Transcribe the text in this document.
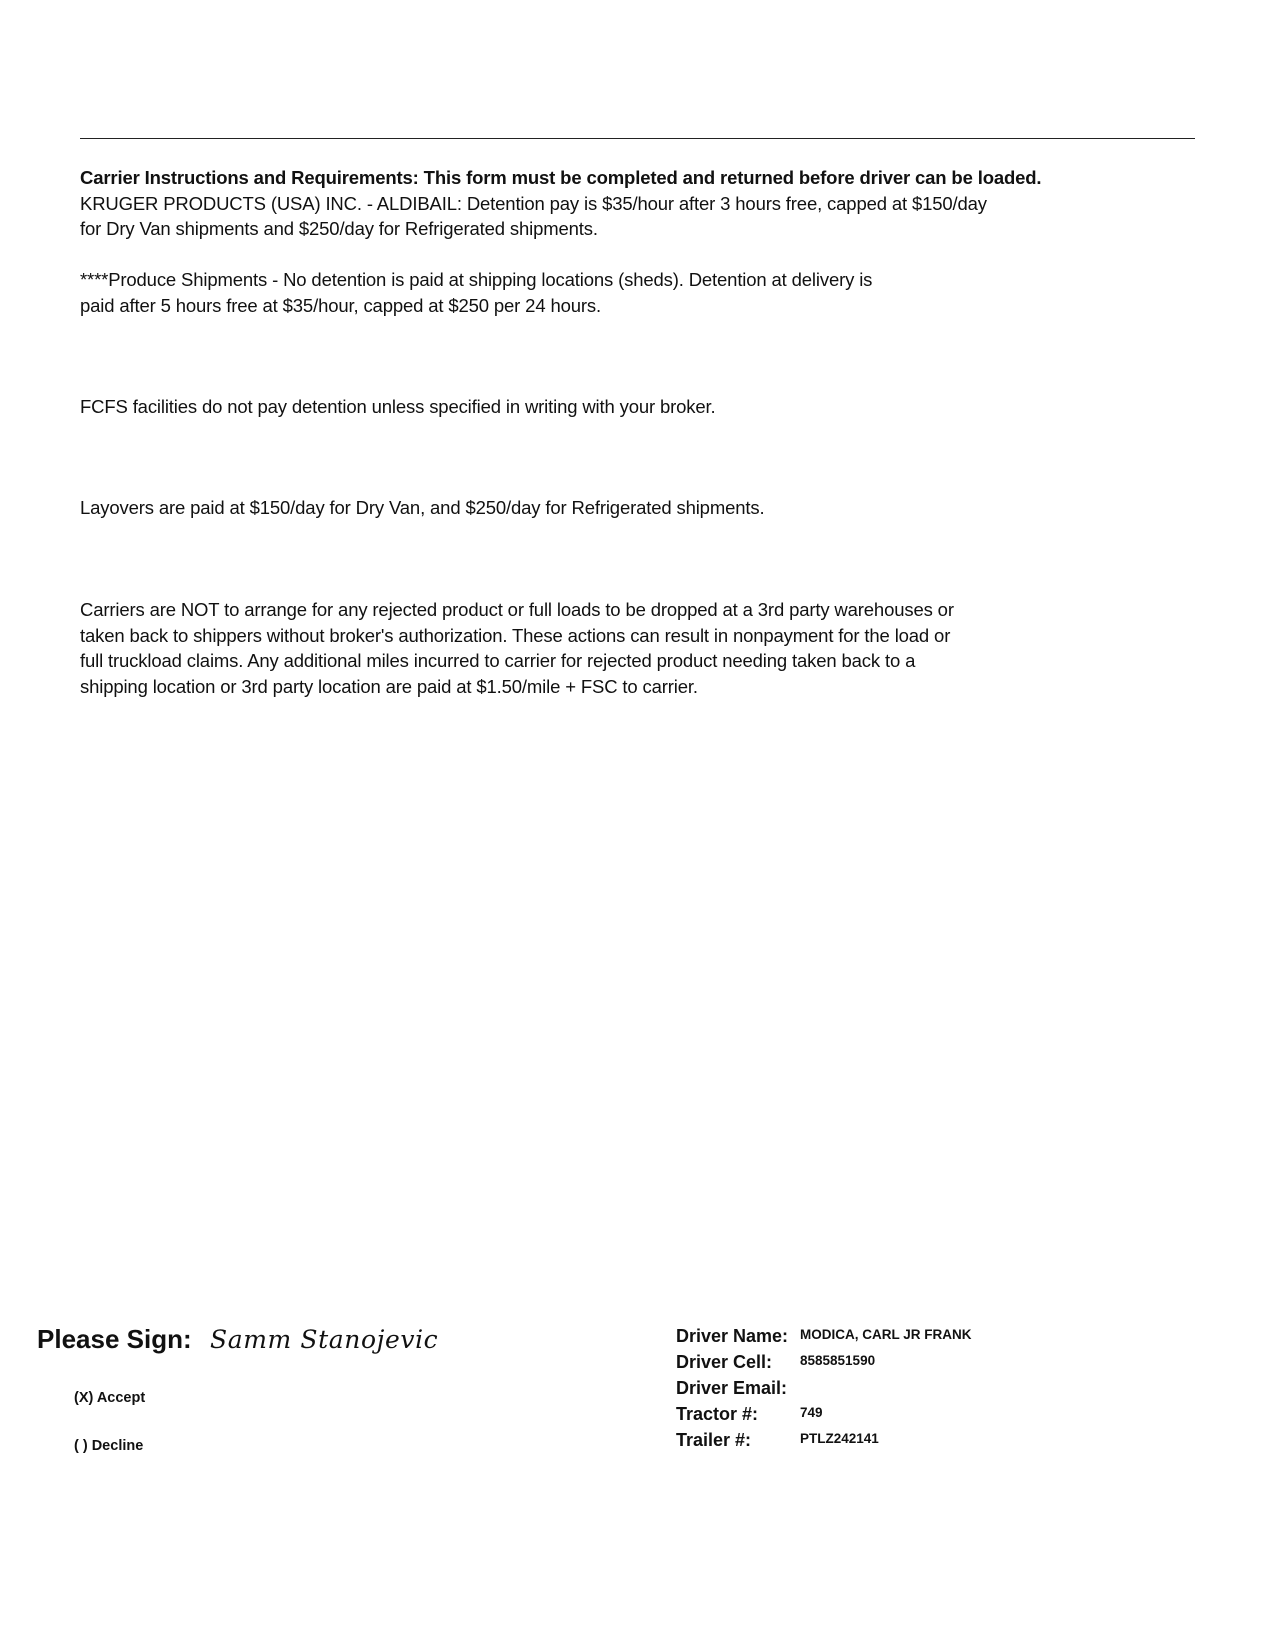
Carrier Instructions and Requirements: This form must be completed and returned before driver can be loaded.
KRUGER PRODUCTS (USA) INC. - ALDIBAIL: Detention pay is $35/hour after 3 hours free, capped at $150/day
for Dry Van shipments and $250/day for Refrigerated shipments.
****Produce Shipments - No detention is paid at shipping locations (sheds). Detention at delivery is
paid after 5 hours free at $35/hour, capped at $250 per 24 hours.
FCFS facilities do not pay detention unless specified in writing with your broker.
Layovers are paid at $150/day for Dry Van, and $250/day for Refrigerated shipments.
Carriers are NOT to arrange for any rejected product or full loads to be dropped at a 3rd party warehouses or
taken back to shippers without broker's authorization. These actions can result in nonpayment for the load or
full truckload claims. Any additional miles incurred to carrier for rejected product needing taken back to a
shipping location or 3rd party location are paid at $1.50/mile + FSC to carrier.
Please Sign: Samm Stanojevic
(X) Accept
( ) Decline
Driver Name: MODICA, CARL JR FRANK
Driver Cell: 8585851590
Driver Email:
Tractor #:	749
Trailer #:	PTLZ242141
